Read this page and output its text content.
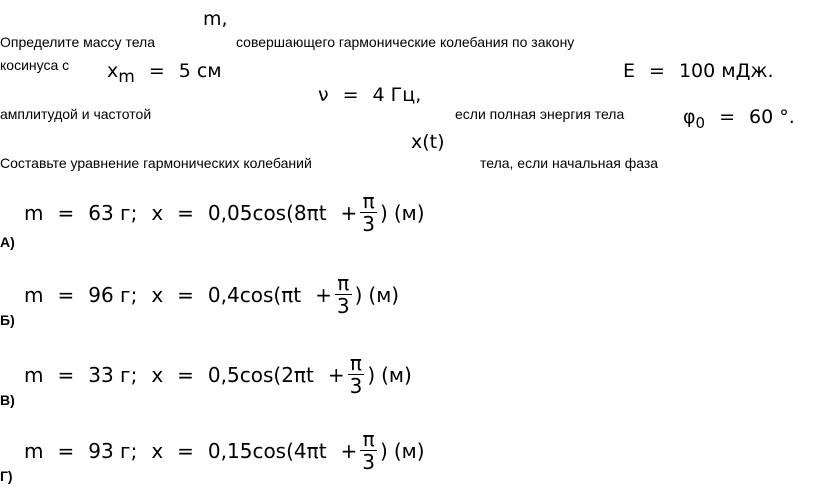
Определите массу тела
m,
совершающего гармонические колебания по закону
косинуса с $x_m = 5$ см	E = 100 мДж.
ν = 4 Гц,
амплитудой и частотой	если полная энергия тела	$\varphi_0 = 60$ °.
x(t)
Составьте уравнение гармонических колебаний	тела, если начальная фаза
m = 63 г; x = 0,05 cos( $8\pi t + \frac{\pi}{3}$ ) (м)
А)
m = 96 г; x = 0,4 cos( $\pi t + \frac{\pi}{3}$ ) (м)
Б)
m = 33 г; x = 0,5 cos( $2\pi t + \frac{\pi}{3}$ ) (м)
В)
m = 93 г; x = 0,15 cos( $4\pi t + \frac{\pi}{3}$ ) (м)
Г)
